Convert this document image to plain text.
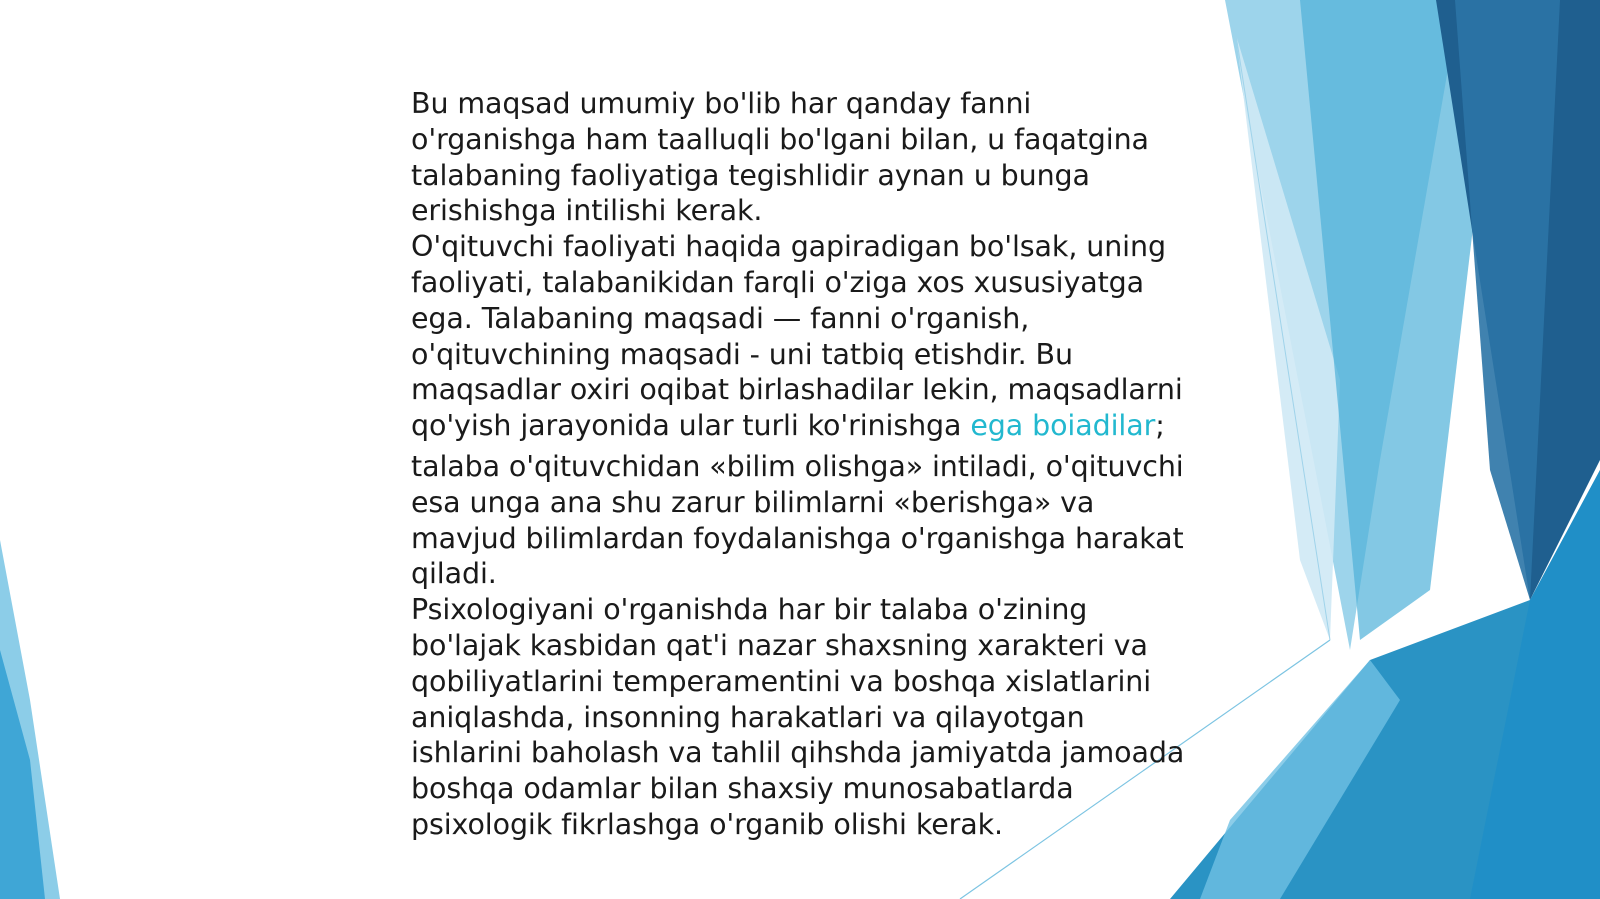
Bu maqsad umumiy bo'lib har qanday fanni o'rganishga ham taalluqli bo'lgani bilan, u faqatgina talabaning faoliyatiga tegishlidir aynan u bunga erishishga intilishi kerak.

O'qituvchi faoliyati haqida gapiradigan bo'lsak, uning faoliyati, talabanikidan farqli o'ziga xos xususiyatga ega. Talabaning maqsadi — fanni o'rganish, o'qituvchining maqsadi - uni tatbiq etishdir. Bu maqsadlar oxiri oqibat birlashadilar lekin, maqsadlarni qo'yish jarayonida ular turli ko'rinishga ega boiadilar;

talaba o'qituvchidan «bilim olishga» intiladi, o'qituvchi esa unga ana shu zarur bilimlarni «berishga» va mavjud bilimlardan foydalanishga o'rganishga harakat qiladi.

Psixologiyani o'rganishda har bir talaba o'zining bo'lajak kasbidan qat'i nazar shaxsning xarakteri va qobiliyatlarini temperamentini va boshqa xislatlarini aniqlashda, insonning harakatlari va qilayotgan ishlarini baholash va tahlil qihshda jamiyatda jamoada boshqa odamlar bilan shaxsiy munosabatlarda psixologik fikrlashga o'rganib olishi kerak.
